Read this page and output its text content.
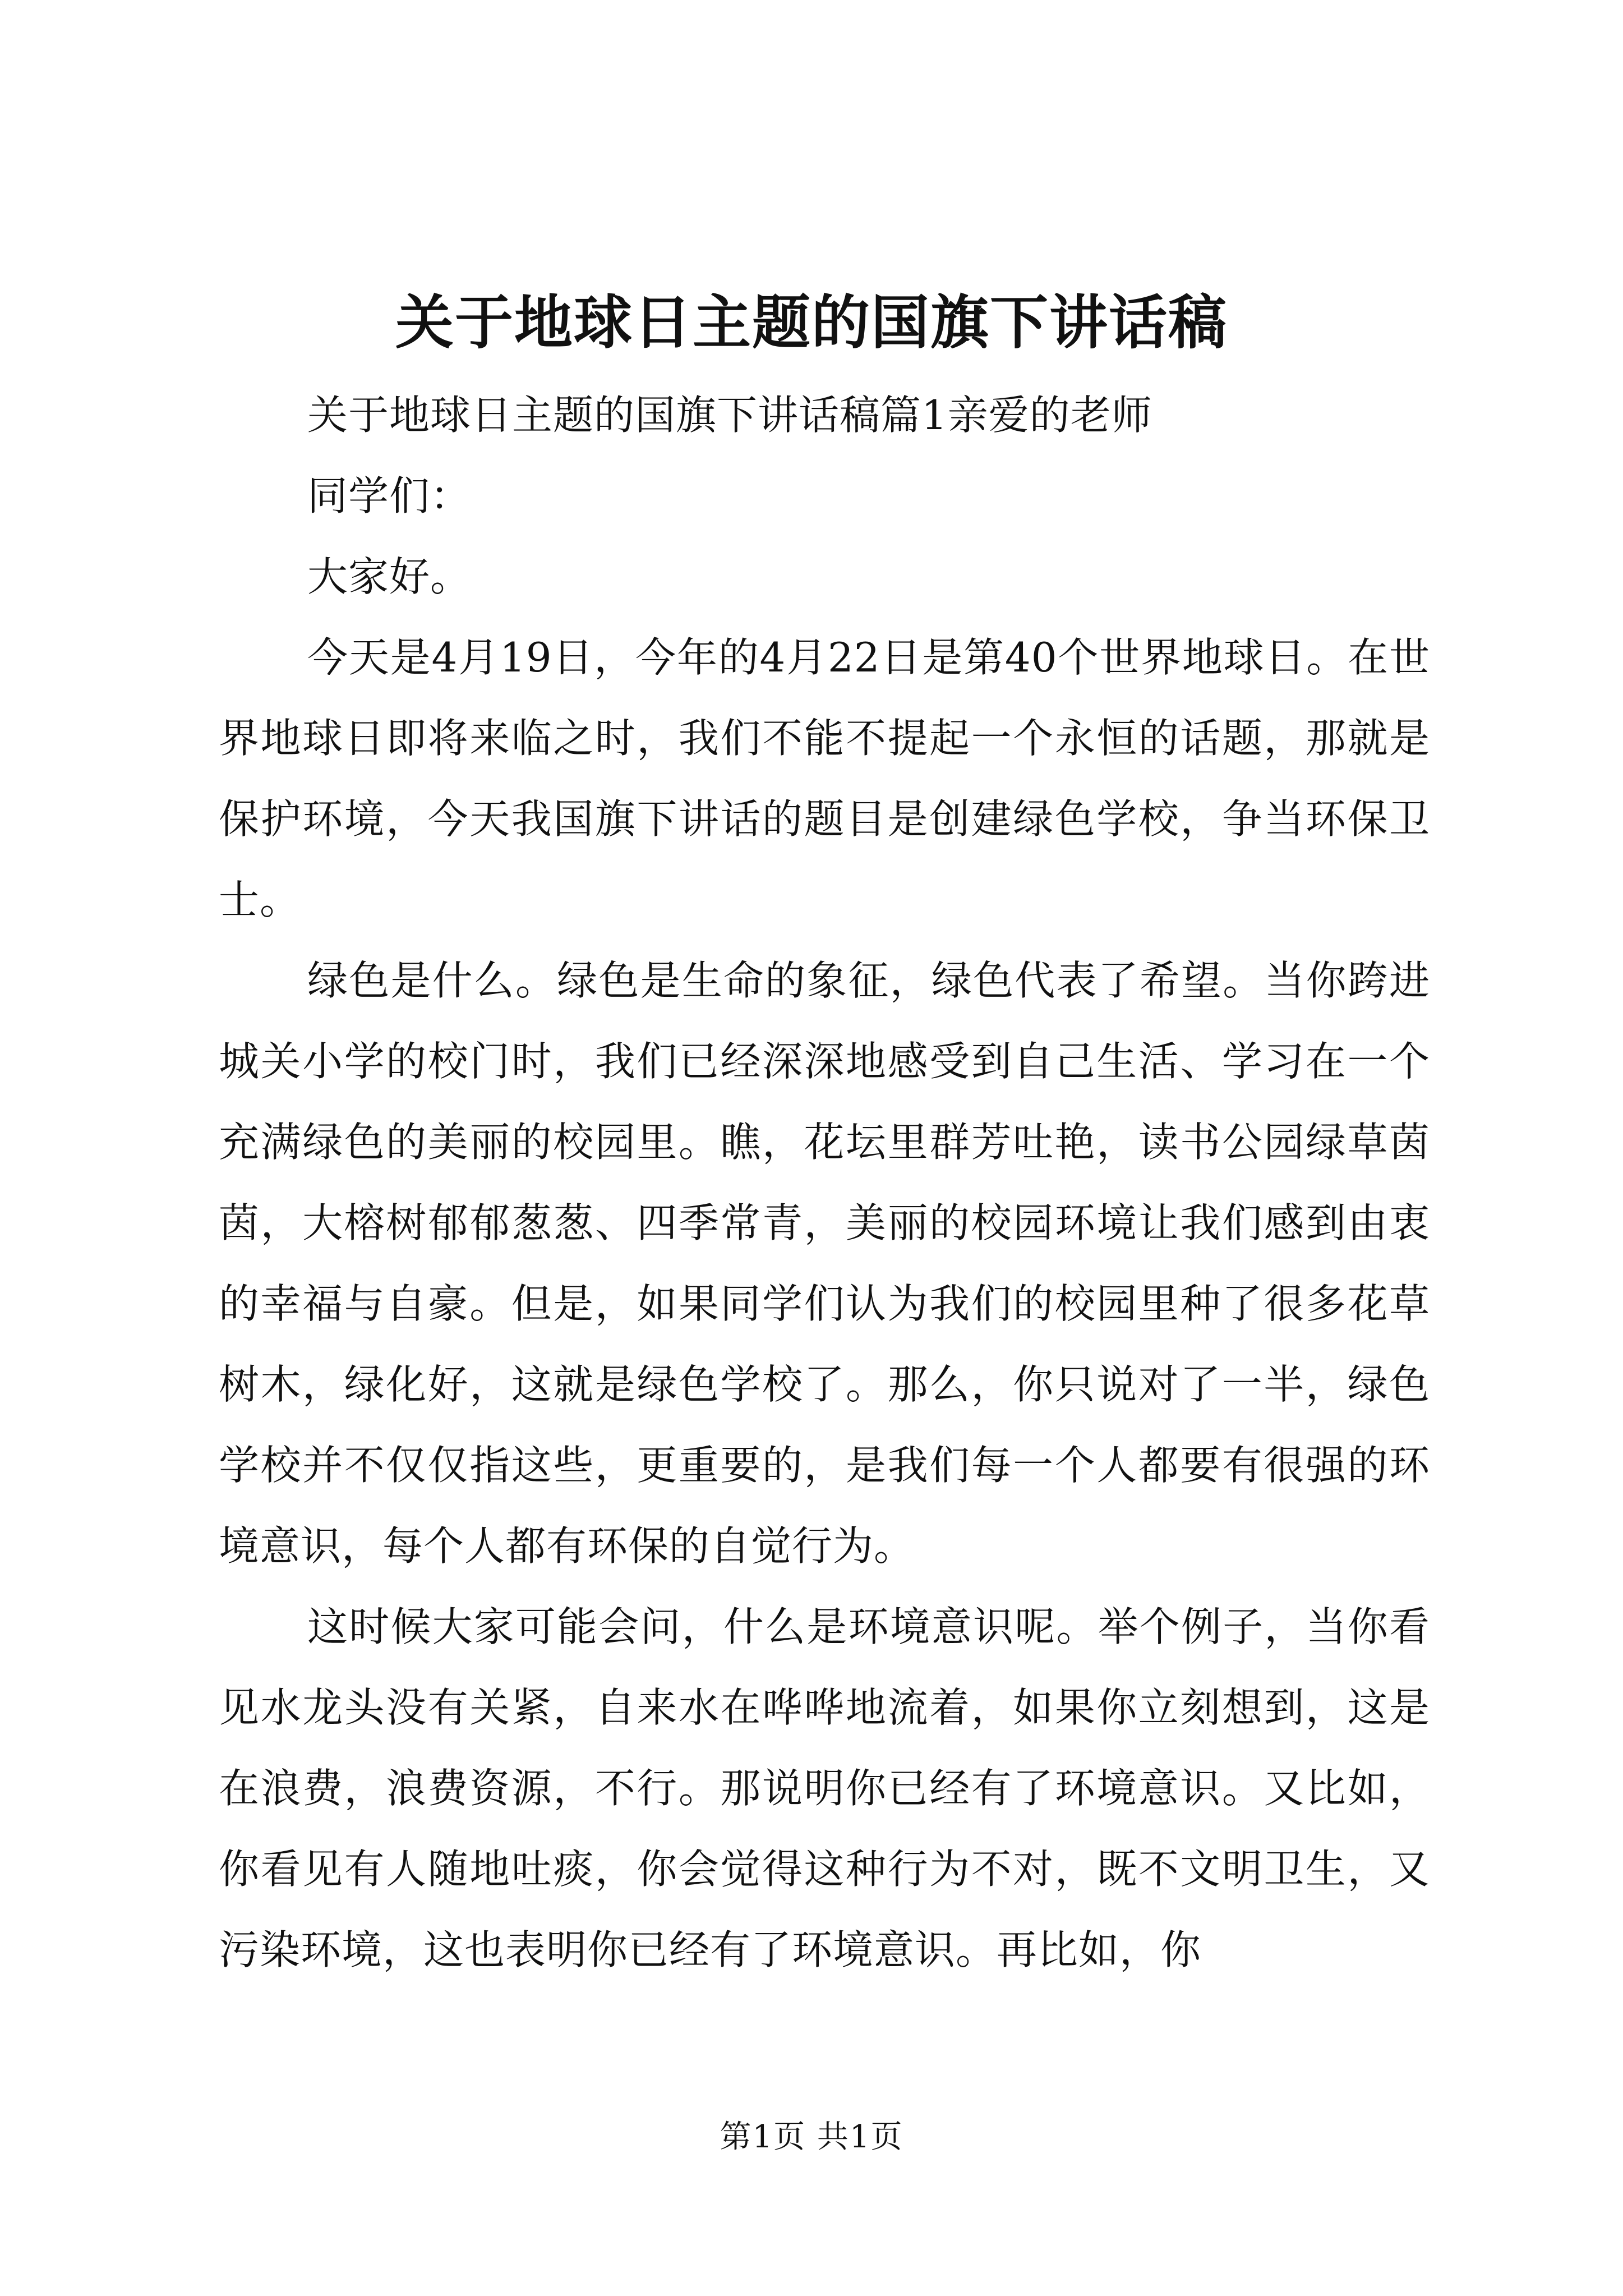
关于地球日主题的国旗下讲话稿

关于地球日主题的国旗下讲话稿篇1亲爱的老师

同学们：

大家好。

今天是4月19日，今年的4月22日是第40个世界地球日。在世界地球日即将来临之时，我们不能不提起一个永恒的话题，那就是保护环境，今天我国旗下讲话的题目是创建绿色学校，争当环保卫士。

绿色是什么。绿色是生命的象征，绿色代表了希望。当你跨进城关小学的校门时，我们已经深深地感受到自己生活、学习在一个充满绿色的美丽的校园里。瞧，花坛里群芳吐艳，读书公园绿草茵茵，大榕树郁郁葱葱、四季常青，美丽的校园环境让我们感到由衷的幸福与自豪。但是，如果同学们认为我们的校园里种了很多花草树木，绿化好，这就是绿色学校了。那么，你只说对了一半，绿色学校并不仅仅指这些，更重要的，是我们每一个人都要有很强的环境意识，每个人都有环保的自觉行为。

这时候大家可能会问，什么是环境意识呢。举个例子，当你看见水龙头没有关紧，自来水在哗哗地流着，如果你立刻想到，这是在浪费，浪费资源，不行。那说明你已经有了环境意识。又比如，你看见有人随地吐痰，你会觉得这种行为不对，既不文明卫生，又污染环境，这也表明你已经有了环境意识。再比如，你

第1页 共1页
